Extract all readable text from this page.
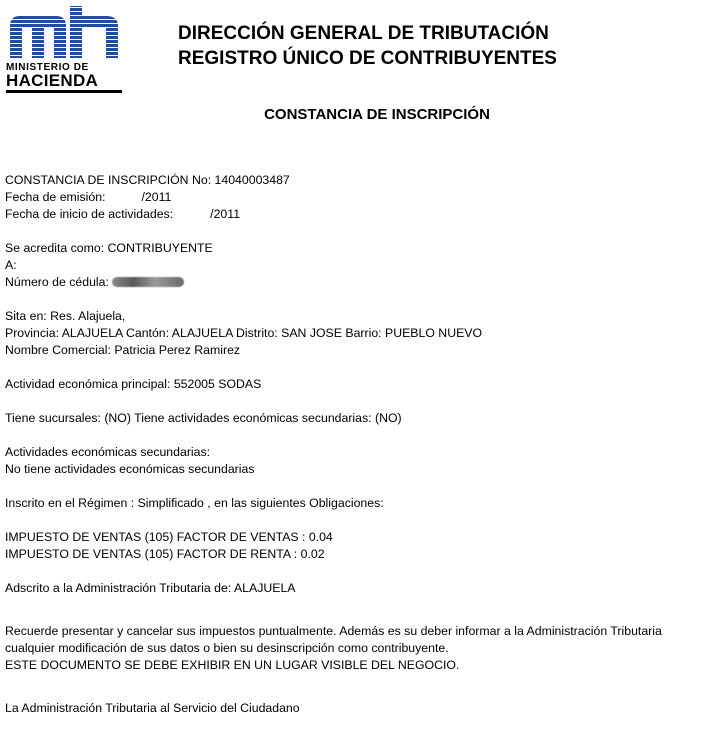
MINISTERIO DE
HACIENDA
DIRECCIÓN GENERAL DE TRIBUTACIÓN
REGISTRO ÚNICO DE CONTRIBUYENTES
CONSTANCIA DE INSCRIPCIÓN
CONSTANCIA DE INSCRIPCIÓN No: 14040003487
Fecha de emisión:	/2011
Fecha de inicio de actividades:	/2011
Se acredita como: CONTRIBUYENTE
A:
Número de cédula:
Sita en: Res. Alajuela,
Provincia: ALAJUELA Cantón: ALAJUELA Distrito: SAN JOSE Barrio: PUEBLO NUEVO
Nombre Comercial: Patricia Perez Ramirez
Actividad económica principal: 552005 SODAS
Tiene sucursales: (NO) Tiene actividades económicas secundarias: (NO)
Actividades económicas secundarias:
No tiene actividades económicas secundarias
Inscrito en el Régimen : Simplificado , en las siguientes Obligaciones:
IMPUESTO DE VENTAS (105) FACTOR DE VENTAS : 0.04
IMPUESTO DE VENTAS (105) FACTOR DE RENTA : 0.02
Adscrito a la Administración Tributaria de: ALAJUELA
Recuerde presentar y cancelar sus impuestos puntualmente. Además es su deber informar a la Administración Tributaria cualquier modificación de sus datos o bien su desinscripción como contribuyente.
ESTE DOCUMENTO SE DEBE EXHIBIR EN UN LUGAR VISIBLE DEL NEGOCIO.
La Administración Tributaria al Servicio del Ciudadano
